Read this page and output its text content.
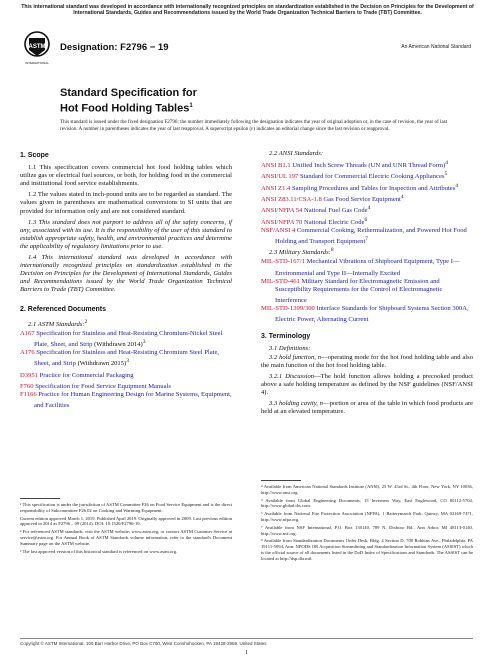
This international standard was developed in accordance with internationally recognized principles on standardization established in the Decision on Principles for the Development of International Standards, Guides and Recommendations issued by the World Trade Organization Technical Barriers to Trade (TBT) Committee.
ASTM
INTERNATIONAL
Designation: F2796 − 19	An American National Standard
Standard Specification for
Hot Food Holding Tables$^1$
This standard is issued under the fixed designation F2796; the number immediately following the designation indicates the year of original adoption or, in the case of revision, the year of last revision. A number in parentheses indicates the year of last reapproval. A superscript epsilon (ε) indicates an editorial change since the last revision or reapproval.
1. Scope

1.1 This specification covers commercial hot food holding tables which utilize gas or electrical fuel sources, or both, for holding food in the commercial and institutional food service establishments.

1.2 The values stated in inch-pound units are to be regarded as standard. The values given in parentheses are mathematical conversions to SI units that are provided for information only and are not considered standard.

1.3 This standard does not purport to address all of the safety concerns, if any, associated with its use. It is the responsibility of the user of this standard to establish appropriate safety, health, and environmental practices and determine the applicability of regulatory limitations prior to use.

1.4 This international standard was developed in accordance with internationally recognized principles on standardization established in the Decision on Principles for the Development of International Standards, Guides and Recommendations issued by the World Trade Organization Technical Barriers to Trade (TBT) Committee.

2. Referenced Documents
2.1 ASTM Standards:$^2$
A167 Specification for Stainless and Heat-Resisting Chromium-Nickel Steel Plate, Sheet, and Strip (Withdrawn 2014)$^3$
A176 Specification for Stainless and Heat-Resisting Chromium Steel Plate, Sheet, and Strip (Withdrawn 2015)$^3$
D3951 Practice for Commercial Packaging
F760 Specification for Food Service Equipment Manuals
F1166 Practice for Human Engineering Design for Marine Systems, Equipment, and Facilities
2.2 ANSI Standards:
ANSI B1.1 Unified Inch Screw Threads (UN and UNR Thread Form)$^4$
ANSI/UL 197 Standard for Commercial Electric Cooking Appliances$^5$
ANSI Z1.4 Sampling Procedures and Tables for Inspection and Attributes$^4$
ANSI Z83.11/CSA-1.8 Gas Food Service Equipment$^4$
ANSI/NFPA 54 National Fuel Gas Code$^4$
ANSI/NFPA 70 National Electric Code$^6$
NSF/ANSI 4 Commercial Cooking, Rethermalization, and Powered Hot Food Holding and Transport Equipment$^7$
2.3 Military Standards:$^8$
MIL-STD-167/1 Mechanical Vibrations of Shipboard Equipment, Type I—Environmental and Type II—Internally Excited
MIL-STD-461 Military Standard for Electromagnetic Emission and Susceptibility Requirements for the Control of Electromagnetic Interference
MIL-STD-1399/300 Interface Standards for Shipboard Systems Section 300A, Electric Power, Alternating Current
3. Terminology
3.1 Definitions:

3.2 hold function, n—operating mode for the hot food holding table and also the main function of the hot food holding table.

3.2.1 Discussion—The hold function allows holding a precooked product above a safe holding temperature as defined by the NSF guidelines (NSF/ANSI 4).

3.3 holding cavity, n—portion or area of the table in which food products are held at an elevated temperature.

¹ This specification is under the jurisdiction of ASTM Committee F26 on Food Service Equipment and is the direct responsibility of Subcommittee F26.02 on Cooking and Warming Equipment.
Current edition approved March 1, 2019. Published April 2019. Originally approved in 2009. Last previous edition approved in 2014 as F2796 – 09 (2014). DOI: 10.1520/F2796-19.
² For referenced ASTM standards, visit the ASTM website, www.astm.org, or contact ASTM Customer Service at service@astm.org. For Annual Book of ASTM Standards volume information, refer to the standard's Document Summary page on the ASTM website.
³ The last approved version of this historical standard is referenced on www.astm.org.
⁴ Available from American National Standards Institute (ANSI), 25 W. 43rd St., 4th Floor, New York, NY 10036, http://www.ansi.org.
⁵ Available from Global Engineering Documents, 15 Inverness Way, East Englewood, CO 80112-5704, http://www.global.ihs.com.
⁶ Available from National Fire Protection Association (NFPA), 1 Batterymarch Park, Quincy, MA 02169-7471, http://www.nfpa.org.
⁷ Available from NSF International, P.O. Box 130140, 789 N. Dixboro Rd., Ann Arbor, MI 48113-0140, http://www.nsf.org.
⁸ Available from Standardization Documents Order Desk, Bldg. 4 Section D, 700 Robbins Ave., Philadelphia, PA 19111-5094, Attn: NPODS OR Acquisition Streamlining and Standardization Information System (ASSIST) which is the official source of all documents listed in the DoD Index of Specifications and Standards. The ASSIST can be located at http://dsp.dla.mil.
Copyright © ASTM International, 100 Barr Harbor Drive, PO Box C700, West Conshohocken, PA 19428-2959. United States
1
